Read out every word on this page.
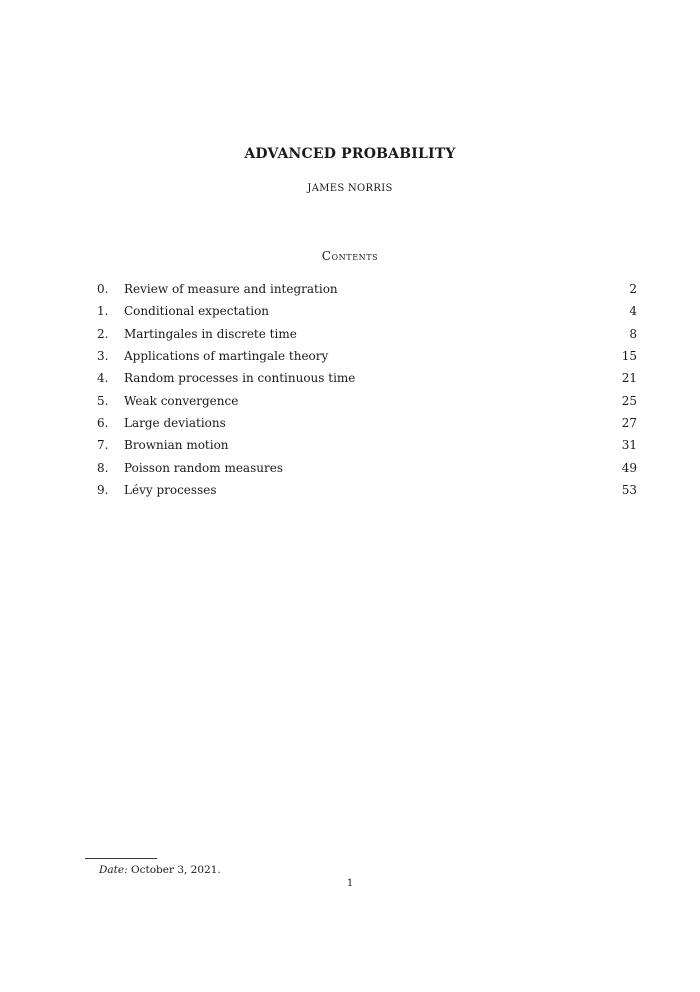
ADVANCED PROBABILITY
JAMES NORRIS
Contents
0.	Review of measure and integration	2
1.	Conditional expectation	4
2.	Martingales in discrete time	8
3.	Applications of martingale theory	15
4.	Random processes in continuous time	21
5.	Weak convergence	25
6.	Large deviations	27
7.	Brownian motion	31
8.	Poisson random measures	49
9.	Lévy processes	53
Date: October 3, 2021.
1
